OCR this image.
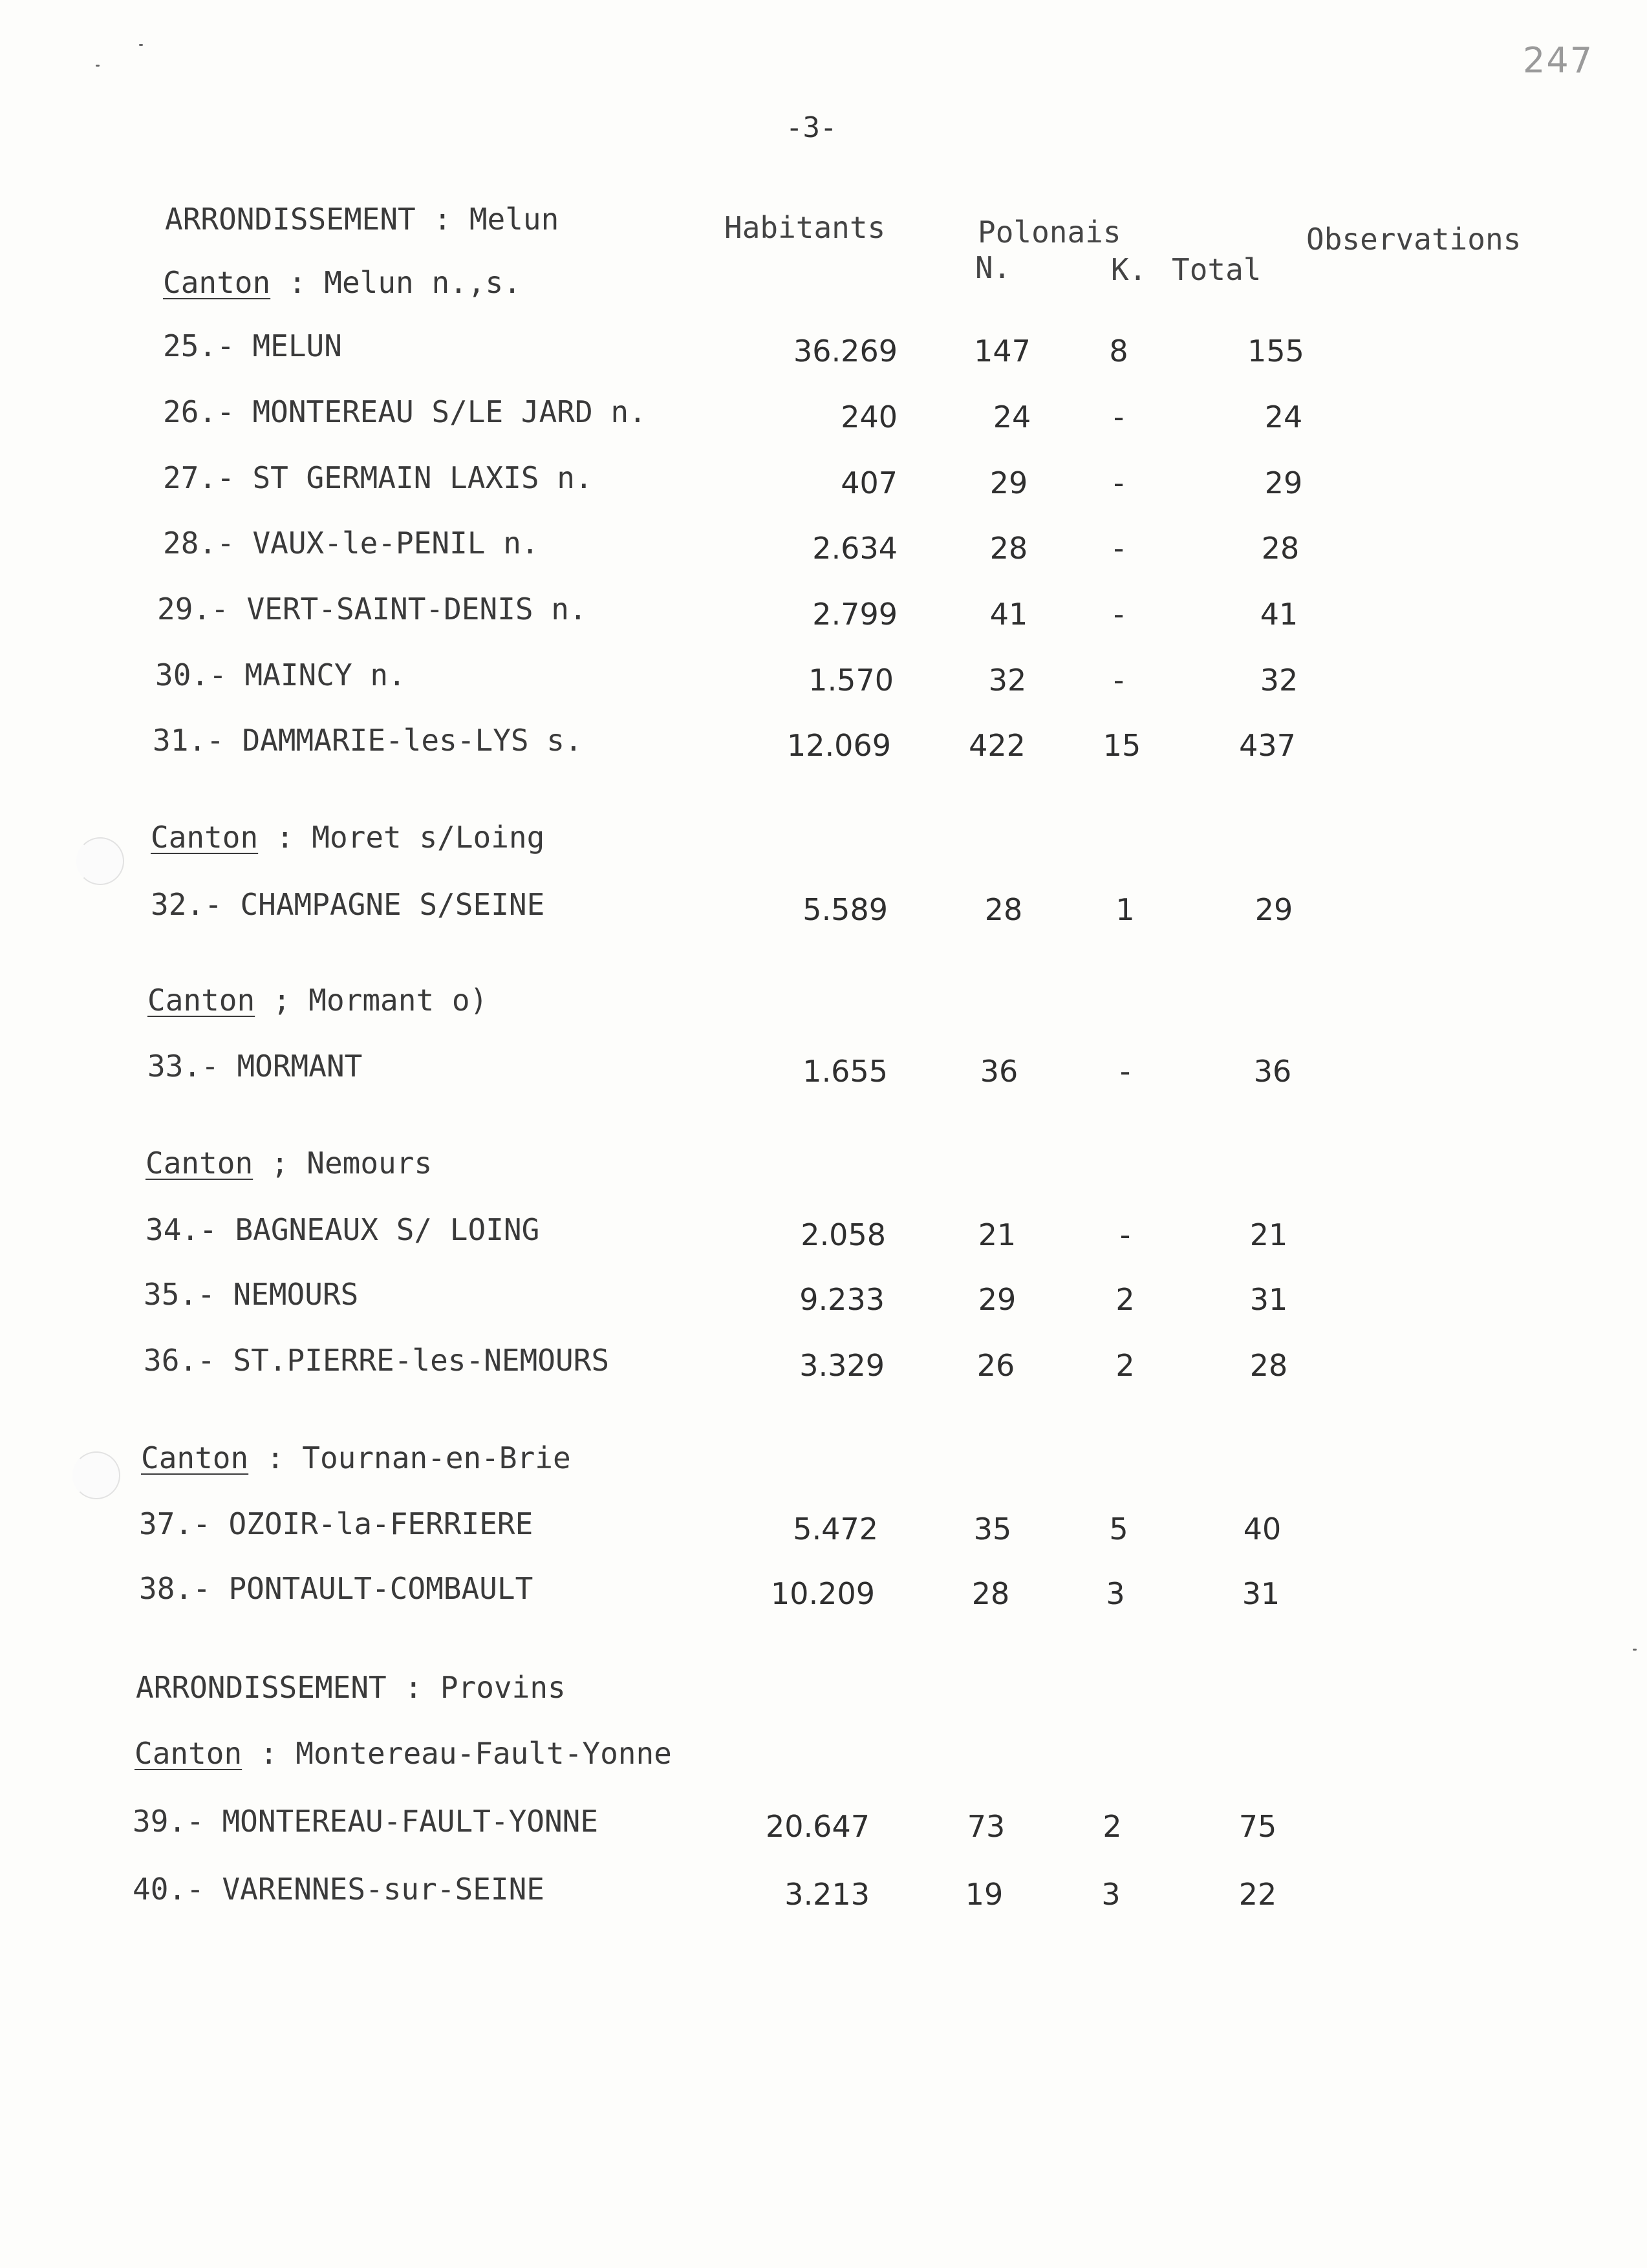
247
-3-
Habitants	Polonais
N.	K. Total
Observations
ARRONDISSEMENT : Melun
Canton : Melun n.,s.
25.- MELUN	36.269	147	8	155
26.- MONTEREAU S/LE JARD n.	240	24	-	24
27.- ST GERMAIN LAXIS n.	407	29	-	29
28.- VAUX-le-PENIL n.	2.634	28	-	28
29.- VERT-SAINT-DENIS n.	2.799	41	-	41
30.- MAINCY n.	1.570	32	-	32
31.- DAMMARIE-les-LYS s.	12.069	422	15	437
Canton : Moret s/Loing
32.- CHAMPAGNE S/SEINE	5.589	28	1	29
Canton ; Mormant o)
33.- MORMANT	1.655	36	-	36
Canton ; Nemours
34.- BAGNEAUX S/ LOING	2.058	21	-	21
35.- NEMOURS	9.233	29	2	31
36.- ST.PIERRE-les-NEMOURS	3.329	26	2	28
Canton : Tournan-en-Brie
37.- OZOIR-la-FERRIERE	5.472	35	5	40
38.- PONTAULT-COMBAULT	10.209	28	3	31
ARRONDISSEMENT : Provins
Canton : Montereau-Fault-Yonne
39.- MONTEREAU-FAULT-YONNE	20.647	73	2	75
40.- VARENNES-sur-SEINE	3.213	19	3	22
